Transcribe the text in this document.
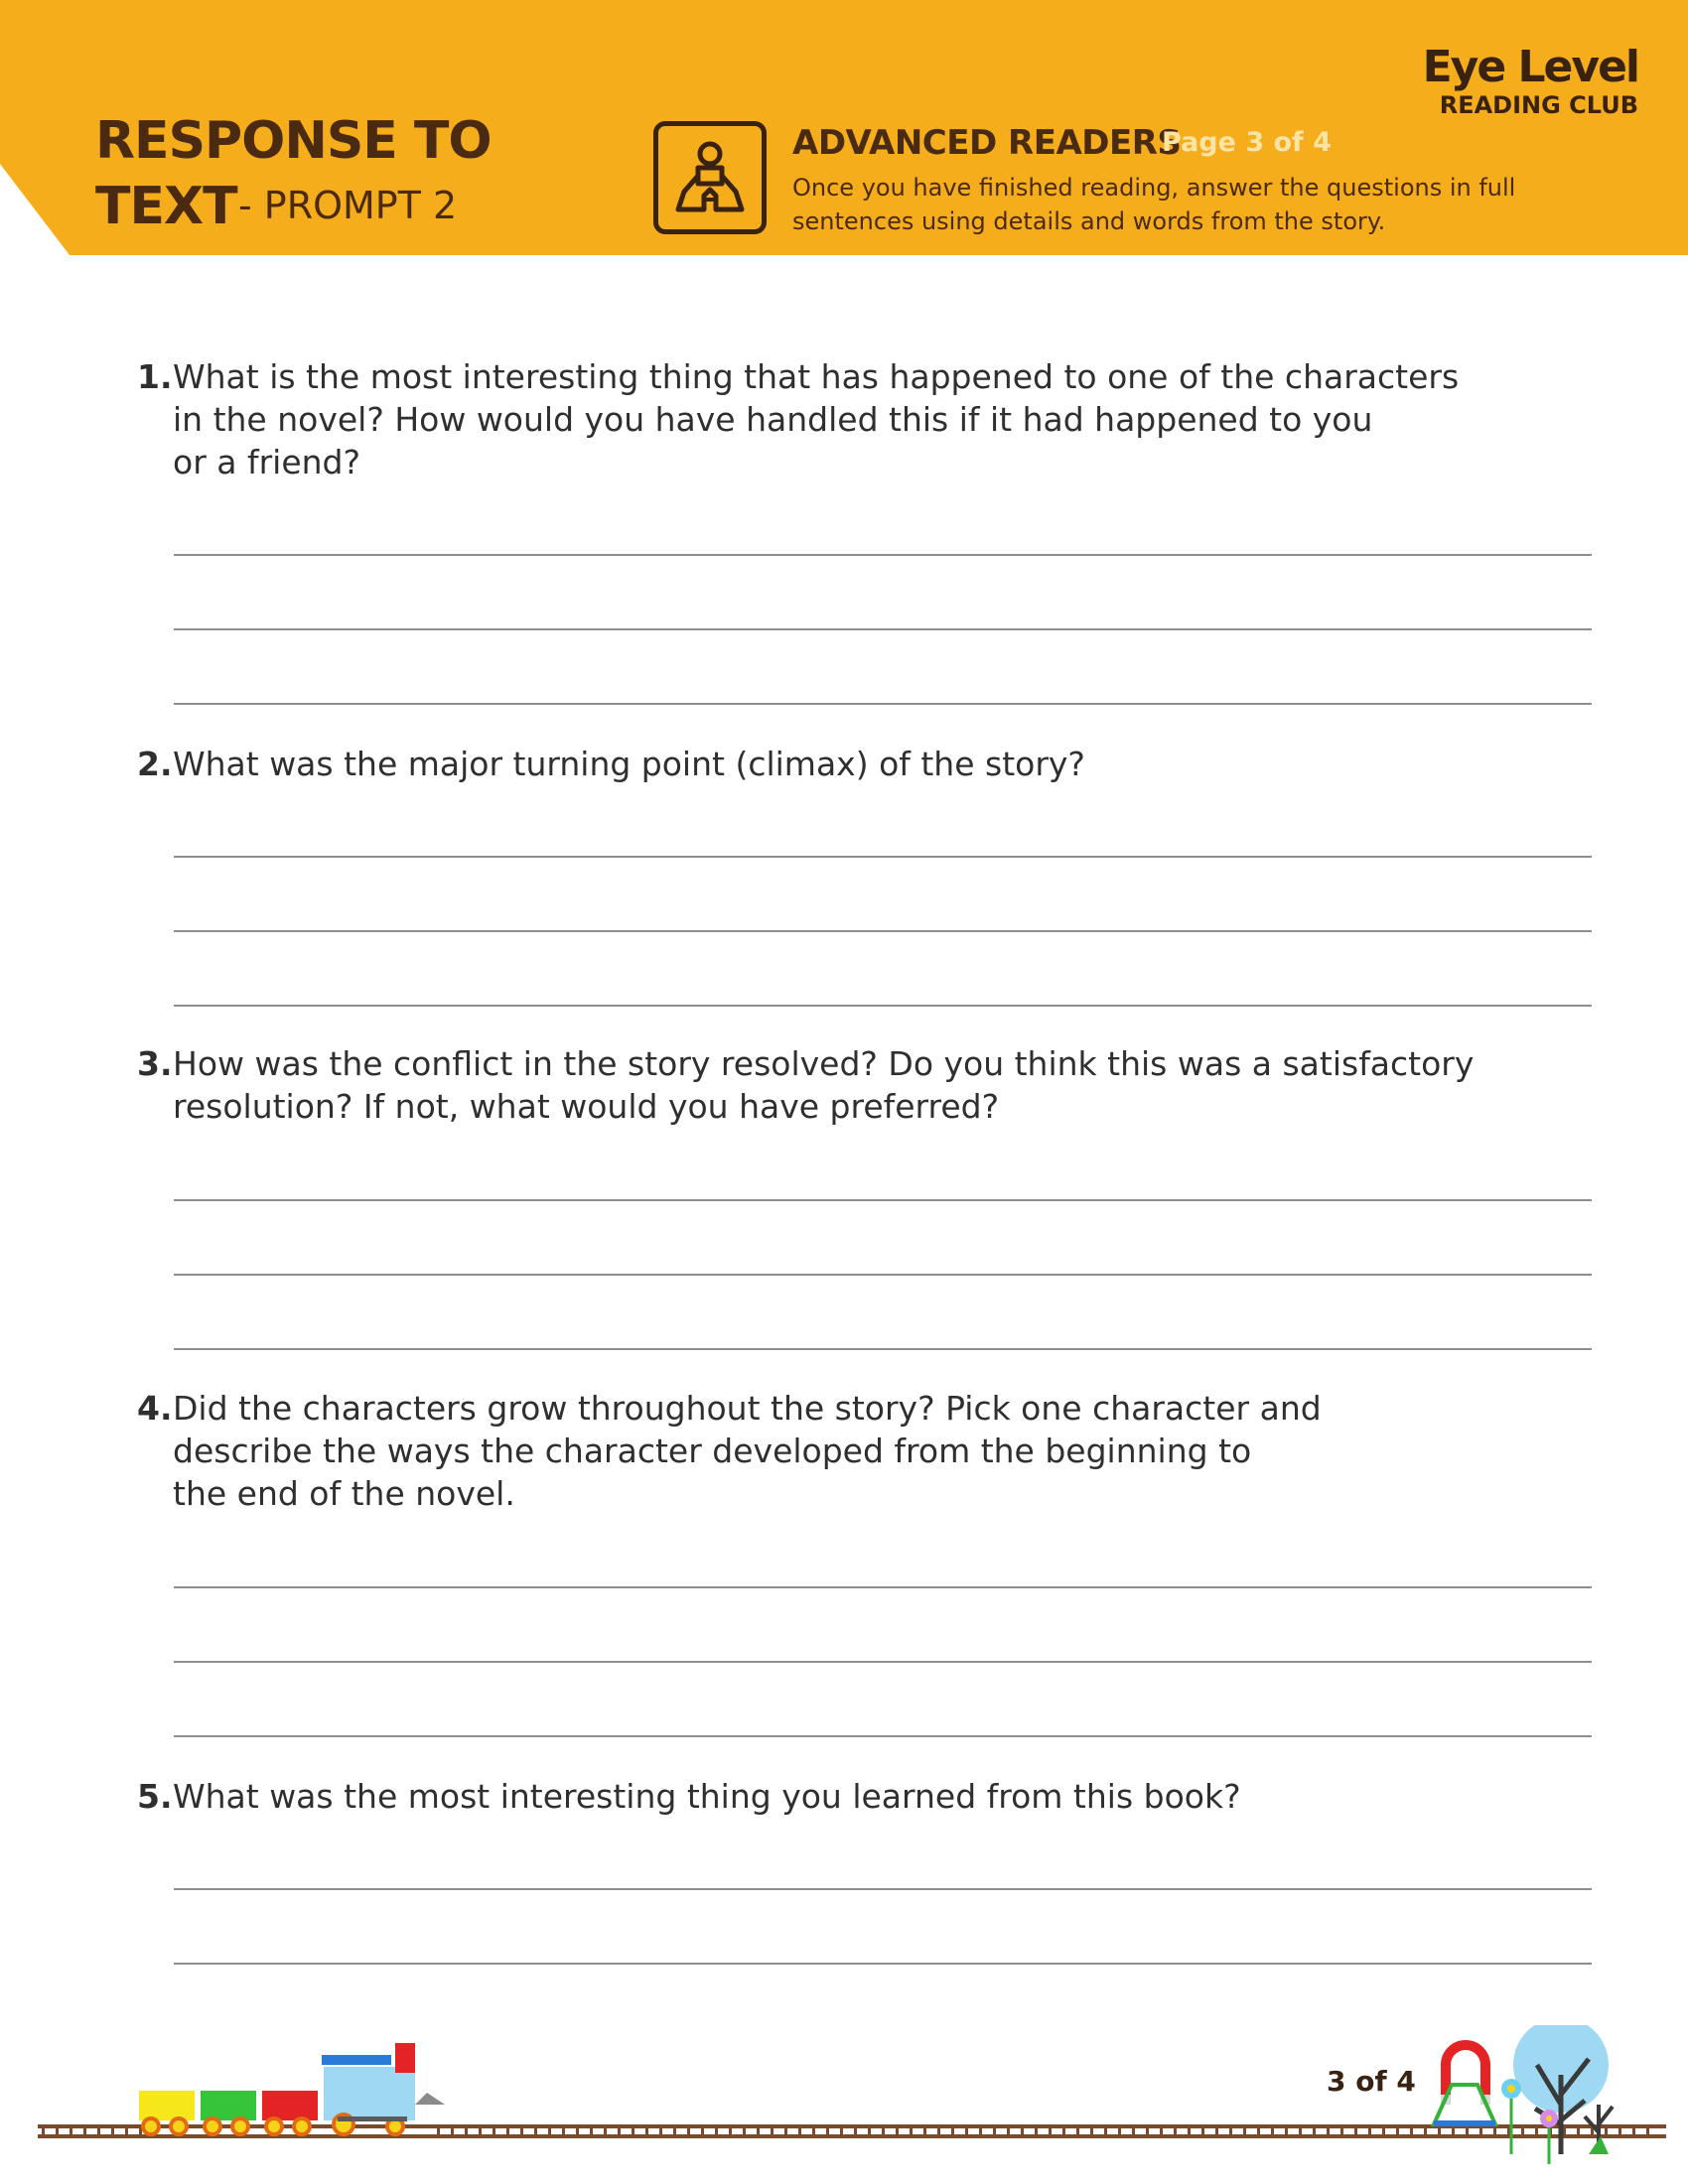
RESPONSE TO
TEXT - PROMPT 2
ADVANCED READERS
Page 3 of 4
Once you have finished reading, answer the questions in full sentences using details and words from the story.
Eye Level
READING CLUB
1. What is the most interesting thing that has happened to one of the characters
in the novel? How would you have handled this if it had happened to you
or a friend?
2. What was the major turning point (climax) of the story?
3. How was the conflict in the story resolved? Do you think this was a satisfactory
resolution? If not, what would you have preferred?
4. Did the characters grow throughout the story? Pick one character and
describe the ways the character developed from the beginning to
the end of the novel.
5. What was the most interesting thing you learned from this book?
3 of 4
